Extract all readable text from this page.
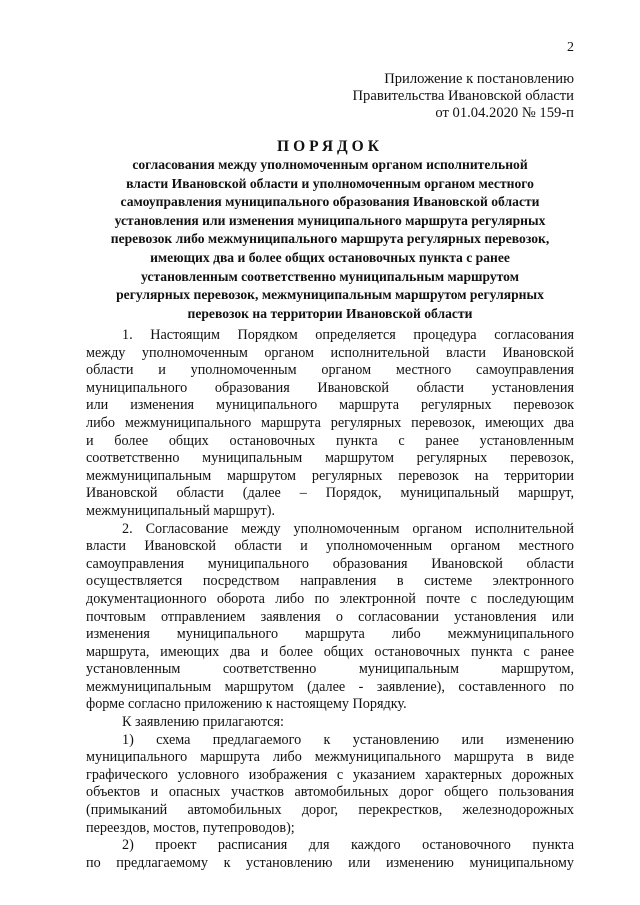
2
Приложение к постановлению
Правительства Ивановской области
от 01.04.2020 № 159-п
ПОРЯДОК
согласования между уполномоченным органом исполнительной
власти Ивановской области и уполномоченным органом местного
самоуправления муниципального образования Ивановской области
установления или изменения муниципального маршрута регулярных
перевозок либо межмуниципального маршрута регулярных перевозок,
имеющих два и более общих остановочных пункта с ранее
установленным соответственно муниципальным маршрутом
регулярных перевозок, межмуниципальным маршрутом регулярных
перевозок на территории Ивановской области
1. Настоящим Порядком определяется процедура согласования
между уполномоченным органом исполнительной власти Ивановской
области и уполномоченным органом местного самоуправления
муниципального образования Ивановской области установления
или изменения муниципального маршрута регулярных перевозок
либо межмуниципального маршрута регулярных перевозок, имеющих два
и более общих остановочных пункта с ранее установленным
соответственно муниципальным маршрутом регулярных перевозок,
межмуниципальным маршрутом регулярных перевозок на территории
Ивановской области (далее – Порядок, муниципальный маршрут,
межмуниципальный маршрут).
2. Согласование между уполномоченным органом исполнительной
власти Ивановской области и уполномоченным органом местного
самоуправления муниципального образования Ивановской области
осуществляется посредством направления в системе электронного
документационного оборота либо по электронной почте с последующим
почтовым отправлением заявления о согласовании установления или
изменения муниципального маршрута либо межмуниципального
маршрута, имеющих два и более общих остановочных пункта с ранее
установленным соответственно муниципальным маршрутом,
межмуниципальным маршрутом (далее - заявление), составленного по
форме согласно приложению к настоящему Порядку.
К заявлению прилагаются:
1) схема предлагаемого к установлению или изменению
муниципального маршрута либо межмуниципального маршрута в виде
графического условного изображения с указанием характерных дорожных
объектов и опасных участков автомобильных дорог общего пользования
(примыканий автомобильных дорог, перекрестков, железнодорожных
переездов, мостов, путепроводов);
2) проект расписания для каждого остановочного пункта
по предлагаемому к установлению или изменению муниципальному
